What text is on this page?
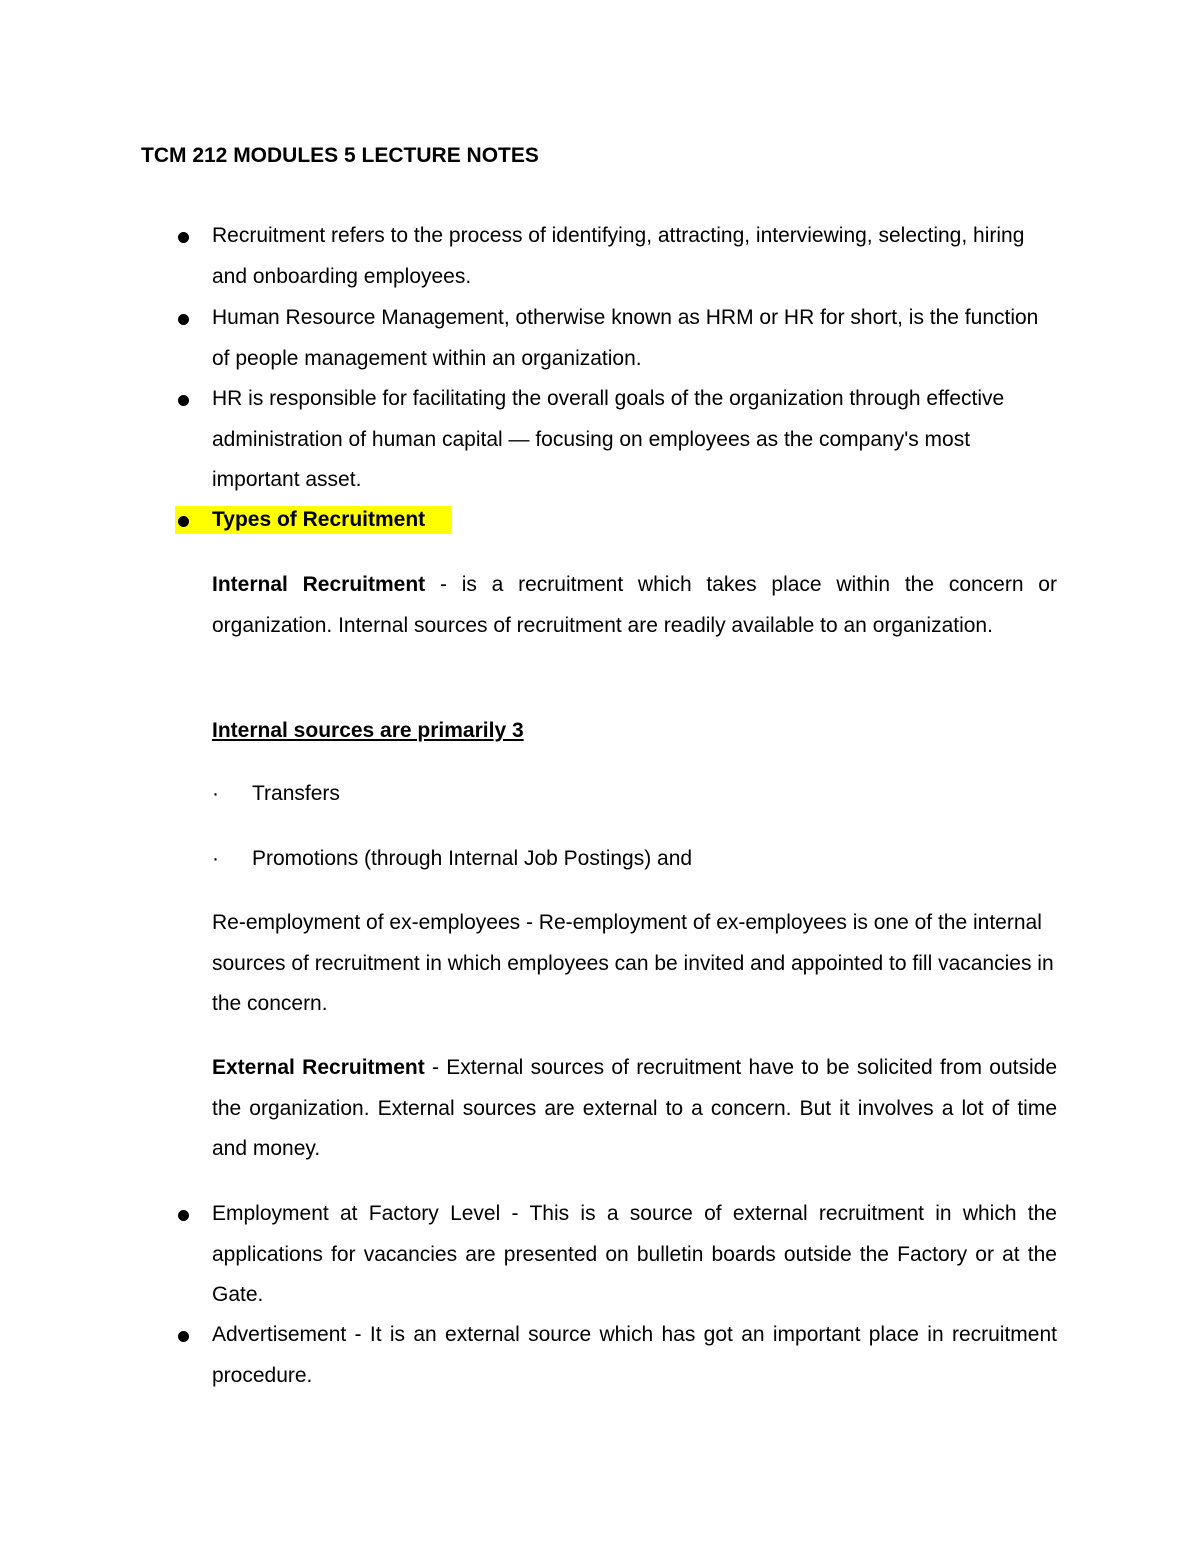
TCM 212 MODULES 5 LECTURE NOTES
Recruitment refers to the process of identifying, attracting, interviewing, selecting, hiring and onboarding employees.
Human Resource Management, otherwise known as HRM or HR for short, is the function of people management within an organization.
HR is responsible for facilitating the overall goals of the organization through effective administration of human capital — focusing on employees as the company's most important asset.
Types of Recruitment
Internal Recruitment - is a recruitment which takes place within the concern or organization. Internal sources of recruitment are readily available to an organization.
Internal sources are primarily 3
· Transfers
· Promotions (through Internal Job Postings) and
Re-employment of ex-employees - Re-employment of ex-employees is one of the internal sources of recruitment in which employees can be invited and appointed to fill vacancies in the concern.
External Recruitment - External sources of recruitment have to be solicited from outside the organization. External sources are external to a concern. But it involves a lot of time and money.
Employment at Factory Level - This is a source of external recruitment in which the applications for vacancies are presented on bulletin boards outside the Factory or at the Gate.
Advertisement - It is an external source which has got an important place in recruitment procedure.
